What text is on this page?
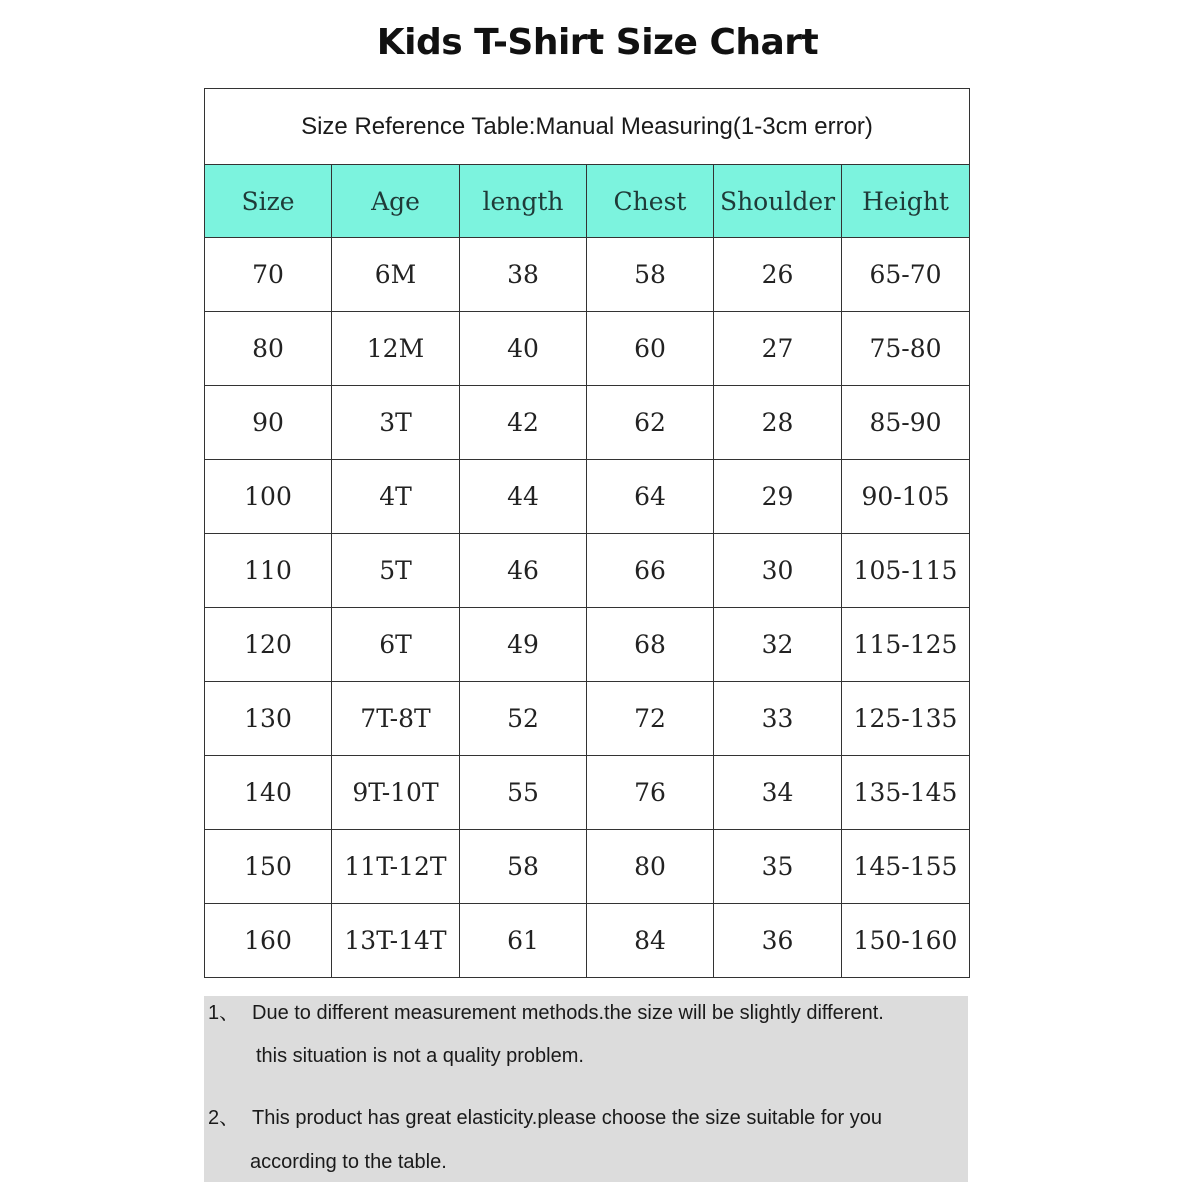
Kids T-Shirt Size Chart
Size Reference Table:Manual Measuring(1-3cm error)					
Size	Age	length	Chest	Shoulder	Height
70	6M	38	58	26	65-70
80	12M	40	60	27	75-80
90	3T	42	62	28	85-90
100	4T	44	64	29	90-105
110	5T	46	66	30	105-115
120	6T	49	68	32	115-125
130	7T-8T	52	72	33	125-135
140	9T-10T	55	76	34	135-145
150	11T-12T	58	80	35	145-155
160	13T-14T	61	84	36	150-160
1、 Due to different measurement methods.the size will be slightly different.
this situation is not a quality problem.
2、 This product has great elasticity.please choose the size suitable for you
according to the table.
